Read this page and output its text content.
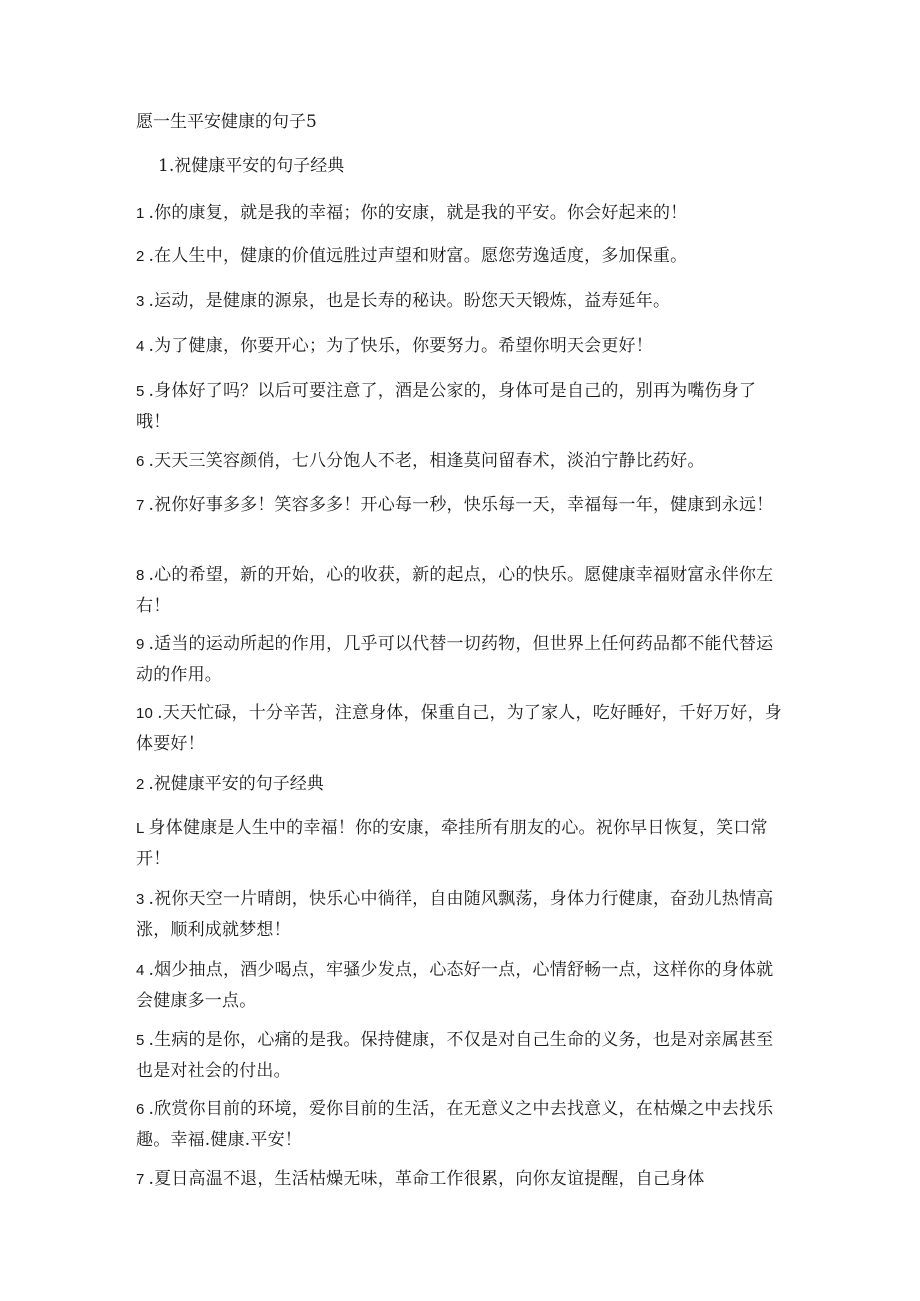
愿一生平安健康的句子5
1.祝健康平安的句子经典
1 .你的康复，就是我的幸福；你的安康，就是我的平安。你会好起来的！
2 .在人生中，健康的价值远胜过声望和财富。愿您劳逸适度，多加保重。
3 .运动，是健康的源泉，也是长寿的秘诀。盼您天天锻炼，益寿延年。
4 .为了健康，你要开心；为了快乐，你要努力。希望你明天会更好！
5 .身体好了吗？以后可要注意了，酒是公家的，身体可是自己的，别再为嘴伤身了哦！
6 .天天三笑容颜俏，七八分饱人不老，相逢莫问留春术，淡泊宁静比药好。
7 .祝你好事多多！笑容多多！开心每一秒，快乐每一天，幸福每一年，健康到永远！
8 .心的希望，新的开始，心的收获，新的起点，心的快乐。愿健康幸福财富永伴你左右！
9 .适当的运动所起的作用，几乎可以代替一切药物，但世界上任何药品都不能代替运动的作用。
10 .天天忙碌，十分辛苦，注意身体，保重自己，为了家人，吃好睡好，千好万好，身体要好！
2 .祝健康平安的句子经典
L 身体健康是人生中的幸福！你的安康，牵挂所有朋友的心。祝你早日恢复，笑口常开！
3 .祝你天空一片晴朗，快乐心中徜徉，自由随风飘荡，身体力行健康，奋劲儿热情高涨，顺利成就梦想！
4 .烟少抽点，酒少喝点，牢骚少发点，心态好一点，心情舒畅一点，这样你的身体就会健康多一点。
5 .生病的是你，心痛的是我。保持健康，不仅是对自己生命的义务，也是对亲属甚至也是对社会的付出。
6 .欣赏你目前的环境，爱你目前的生活，在无意义之中去找意义，在枯燥之中去找乐趣。幸福.健康.平安！
7 .夏日高温不退，生活枯燥无味，革命工作很累，向你友谊提醒，自己身体
